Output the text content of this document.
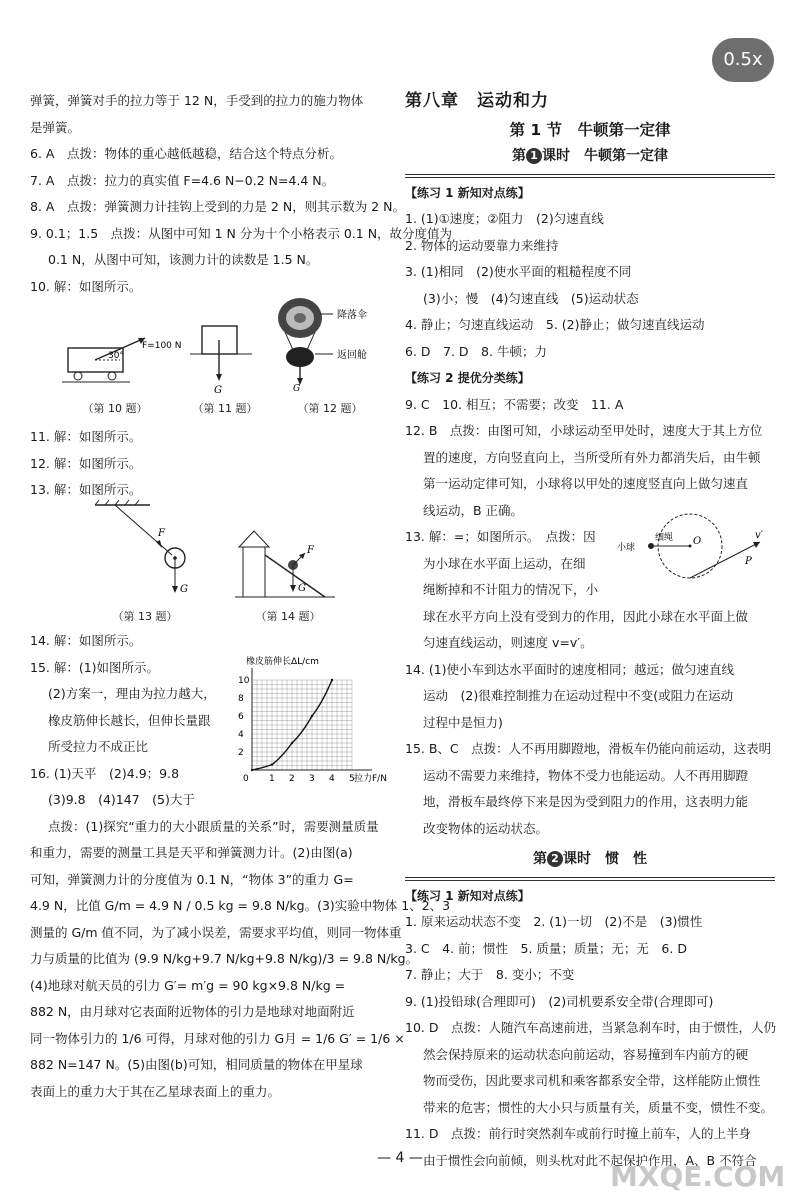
0.5x
弹簧，弹簧对手的拉力等于 12 N，手受到的拉力的施力物体
是弹簧。
6. A　点拨：物体的重心越低越稳，结合这个特点分析。
7. A　点拨：拉力的真实值 F=4.6 N−0.2 N=4.4 N。
8. A　点拨：弹簧测力计挂钩上受到的力是 2 N，则其示数为 2 N。
9. 0.1；1.5　点拨：从图中可知 1 N 分为十个小格表示 0.1 N，故分度值为
0.1 N，从图中可知，该测力计的读数是 1.5 N。
10. 解：如图所示。
30°
F=100 N
G	G
降落伞
返回舱
（第 10 题）	（第 11 题）	（第 12 题）
11. 解：如图所示。
12. 解：如图所示。
13. 解：如图所示。
F
G
F
G
（第 13 题）	（第 14 题）
14. 解：如图所示。
15. 解：(1)如图所示。
(2)方案一，理由为拉力越大，
橡皮筋伸长越长，但伸长量跟
所受拉力不成正比
16. (1)天平　(2)4.9；9.8
(3)9.8　(4)147　(5)大于
点拨：(1)探究“重力的大小跟质量的关系”时，需要测量质量
和重力，需要的测量工具是天平和弹簧测力计。(2)由图(a)
可知，弹簧测力计的分度值为 0.1 N，“物体 3”的重力 G=
4.9 N，比值 G/m = 4.9 N / 0.5 kg = 9.8 N/kg。(3)实验中物体 1、2、3
测量的 G/m 值不同，为了减小误差，需要求平均值，则同一物体重
力与质量的比值为 (9.9 N/kg+9.7 N/kg+9.8 N/kg)/3 = 9.8 N/kg。
(4)地球对航天员的引力 G′= m′g = 90 kg×9.8 N/kg =
882 N，由月球对它表面附近物体的引力是地球对地面附近
同一物体引力的 1/6 可得，月球对他的引力 G月 = 1/6 G′ = 1/6 ×
882 N=147 N。(5)由图(b)可知，相同质量的物体在甲星球
表面上的重力大于其在乙星球表面上的重力。
1 2 3 4 5
2
4
6
8
10
0	拉力F/N
橡皮筋伸长ΔL/cm
第八章　运动和力
第 1 节　牛顿第一定律
第 1 课时　牛顿第一定律
【练习 1 新知对点练】
1. (1)①速度；②阻力　(2)匀速直线
2. 物体的运动要靠力来维持
3. (1)相同　(2)使水平面的粗糙程度不同
(3)小；慢　(4)匀速直线　(5)运动状态
4. 静止；匀速直线运动　5. (2)静止；做匀速直线运动
6. D　7. D　8. 牛顿；力
【练习 2 提优分类练】
9. C　10. 相互；不需要；改变　11. A
12. B　点拨：由图可知，小球运动至甲处时，速度大于其上方位
置的速度，方向竖直向上，当所受所有外力都消失后，由牛顿
第一运动定律可知，小球将以甲处的速度竖直向上做匀速直
线运动，B 正确。
13. 解：=；如图所示。　点拨：因
为小球在水平面上运动，在细
绳断掉和不计阻力的情况下，小
球在水平方向上没有受到力的作用，因此小球在水平面上做
匀速直线运动，则速度 v=v′。
14. (1)使小车到达水平面时的速度相同；越远；做匀速直线
运动　(2)很难控制推力在运动过程中不变(或阻力在运动
过程中是恒力)
15. B、C　点拨：人不再用脚蹬地，滑板车仍能向前运动，这表明
运动不需要力来维持，物体不受力也能运动。人不再用脚蹬
地，滑板车最终停下来是因为受到阻力的作用，这表明力能
改变物体的运动状态。
第 2 课时　惯　性
【练习 1 新知对点练】
1. 原来运动状态不变　2. (1)一切　(2)不是　(3)惯性
3. C　4. 前；惯性　5. 质量；质量；无；无　6. D
7. 静止；大于　8. 变小；不变
9. (1)投铅球(合理即可)　(2)司机要系安全带(合理即可)
10. D　点拨：人随汽车高速前进，当紧急刹车时，由于惯性，人仍
然会保持原来的运动状态向前运动，容易撞到车内前方的硬
物而受伤，因此要求司机和乘客都系安全带，这样能防止惯性
带来的危害；惯性的大小只与质量有关，质量不变，惯性不变。
11. D　点拨：前行时突然刹车或前行时撞上前车，人的上半身
由于惯性会向前倾，则头枕对此不起保护作用，A、B 不符合
小球
细绳 O
v′
P
— 4 —
MXQE.COM
